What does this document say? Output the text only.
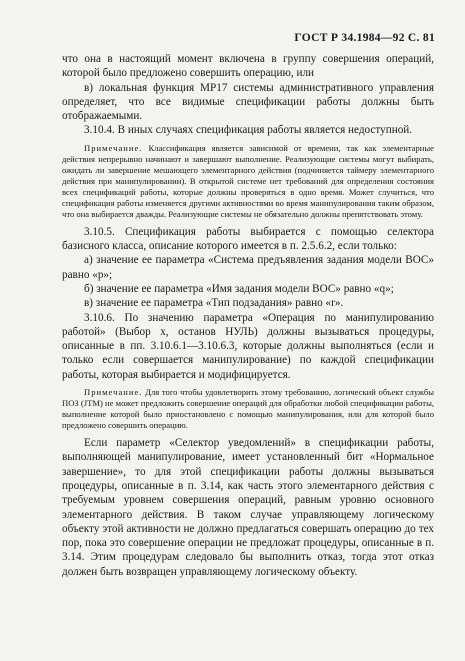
ГОСТ Р 34.1984—92 С. 81

что она в настоящий момент включена в группу совершения операций, которой было предложено совершить операцию, или

в) локальная функция MP17 системы административного управления определяет, что все видимые спецификации работы должны быть отображаемыми.

3.10.4. В иных случаях спецификация работы является недоступной.

Примечание. Классификация является зависимой от времени, так как элементарные действия непрерывно начинают и завершают выполнение. Реализующие системы могут выбирать, ожидать ли завершение мешающего элементарного действия (подчиняется таймеру элементарного действия при манипулировании). В открытой системе нет требований для определения состояния всех спецификаций работы, которые должны проверяться в одно время. Может случиться, что спецификация работы изменяется другими активностями во время манипулирования таким образом, что она выбирается дважды. Реализующие системы не обязательно должны препятствовать этому.

3.10.5. Спецификация работы выбирается с помощью селектора базисного класса, описание которого имеется в п. 2.5.6.2, если только:

а) значение ее параметра «Система предъявления задания модели ВОС» равно «р»;

б) значение ее параметра «Имя задания модели ВОС» равно «q»;

в) значение ее параметра «Тип подзадания» равно «r».

3.10.6. По значению параметра «Операция по манипулированию работой» (Выбор х, останов НУЛЬ) должны вызываться процедуры, описанные в пп. 3.10.6.1—3.10.6.3, которые должны выполняться (если и только если совершается манипулирование) по каждой спецификации работы, которая выбирается и модифицируется.

Примечание. Для того чтобы удовлетворить этому требованию, логический объект службы ПОЗ (JTM) не может предложить совершение операций для обработки любой спецификации работы, выполнение которой было приостановлено с помощью манипулирования, или для которой было предложено совершить операцию.

Если параметр «Селектор уведомлений» в спецификации работы, выполняющей манипулирование, имеет установленный бит «Нормальное завершение», то для этой спецификации работы должны вызываться процедуры, описанные в п. 3.14, как часть этого элементарного действия с требуемым уровнем совершения операций, равным уровню основного элементарного действия. В таком случае управляющему логическому объекту этой активности не должно предлагаться совершать операцию до тех пор, пока это совершение операции не предложат процедуры, описанные в п. 3.14. Этим процедурам следовало бы выполнить отказ, тогда этот отказ должен быть возвращен управляющему логическому объекту.
